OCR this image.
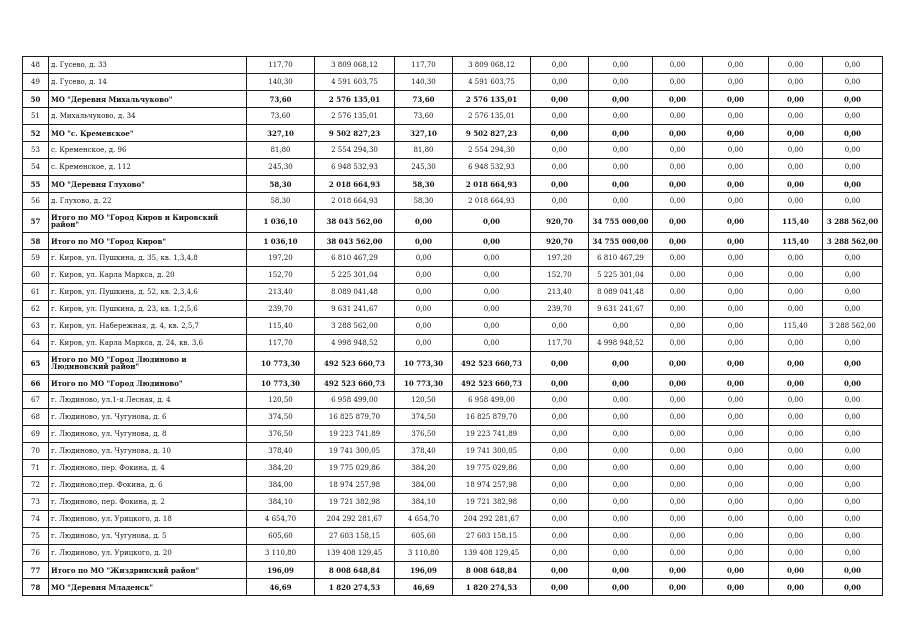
48	д. Гусево, д. 33	117,70	3 809 068,12	117,70	3 809 068,12	0,00	0,00	0,00	0,00	0,00	0,00
49	д. Гусево, д. 14	140,30	4 591 603,75	140,30	4 591 603,75	0,00	0,00	0,00	0,00	0,00	0,00
50	МО "Деревня Михальчуково"	73,60	2 576 135,01	73,60	2 576 135,01	0,00	0,00	0,00	0,00	0,00	0,00
51	д. Михальчуково, д. 34	73,60	2 576 135,01	73,60	2 576 135,01	0,00	0,00	0,00	0,00	0,00	0,00
52	МО "с. Кременское"	327,10	9 502 827,23	327,10	9 502 827,23	0,00	0,00	0,00	0,00	0,00	0,00
53	с. Кременское, д. 96	81,80	2 554 294,30	81,80	2 554 294,30	0,00	0,00	0,00	0,00	0,00	0,00
54	с. Кременское, д. 112	245,30	6 948 532,93	245,30	6 948 532,93	0,00	0,00	0,00	0,00	0,00	0,00
55	МО "Деревня Глухово"	58,30	2 018 664,93	58,30	2 018 664,93	0,00	0,00	0,00	0,00	0,00	0,00
56	д. Глухово, д. 22	58,30	2 018 664,93	58,30	2 018 664,93	0,00	0,00	0,00	0,00	0,00	0,00
57	Итого по МО "Город Киров и Кировский район"	1 036,10	38 043 562,00	0,00	0,00	920,70	34 755 000,00	0,00	0,00	115,40	3 288 562,00
58	Итого по МО "Город Киров"	1 036,10	38 043 562,00	0,00	0,00	920,70	34 755 000,00	0,00	0,00	115,40	3 288 562,00
59	г. Киров, ул. Пушкина, д. 35, кв. 1,3,4,8	197,20	6 810 467,29	0,00	0,00	197,20	6 810 467,29	0,00	0,00	0,00	0,00
60	г. Киров, ул. Карла Маркса, д. 20	152,70	5 225 301,04	0,00	0,00	152,70	5 225 301,04	0,00	0,00	0,00	0,00
61	г. Киров, ул. Пушкина, д. 52, кв. 2,3,4,6	213,40	8 089 041,48	0,00	0,00	213,40	8 089 041,48	0,00	0,00	0,00	0,00
62	г. Киров, ул. Пушкина, д. 23, кв. 1,2,5,6	239,70	9 631 241,67	0,00	0,00	239,70	9 631 241,67	0,00	0,00	0,00	0,00
63	г. Киров, ул. Набережная, д. 4, кв. 2,5,7	115,40	3 288 562,00	0,00	0,00	0,00	0,00	0,00	0,00	115,40	3 288 562,00
64	г. Киров, ул. Карла Маркса, д. 24, кв. 3,6	117,70	4 998 948,52	0,00	0,00	117,70	4 998 948,52	0,00	0,00	0,00	0,00
65	Итого по МО "Город Людиново и Людиновский район"	10 773,30	492 523 660,73	10 773,30	492 523 660,73	0,00	0,00	0,00	0,00	0,00	0,00
66	Итого по МО "Город Людиново"	10 773,30	492 523 660,73	10 773,30	492 523 660,73	0,00	0,00	0,00	0,00	0,00	0,00
67	г. Людиново, ул.1-я Лесная, д. 4	120,50	6 958 499,00	120,50	6 958 499,00	0,00	0,00	0,00	0,00	0,00	0,00
68	г. Людиново, ул. Чугунова, д. 6	374,50	16 825 879,70	374,50	16 825 879,70	0,00	0,00	0,00	0,00	0,00	0,00
69	г. Людиново, ул. Чугунова, д. 8	376,50	19 223 741,89	376,50	19 223 741,89	0,00	0,00	0,00	0,00	0,00	0,00
70	г. Людиново, ул. Чугунова, д. 10	378,40	19 741 300,05	378,40	19 741 300,05	0,00	0,00	0,00	0,00	0,00	0,00
71	г. Людиново, пер. Фокина, д. 4	384,20	19 775 029,86	384,20	19 775 029,86	0,00	0,00	0,00	0,00	0,00	0,00
72	г. Людиново,пер. Фокина, д. 6	384,00	18 974 257,98	384,00	18 974 257,98	0,00	0,00	0,00	0,00	0,00	0,00
73	г. Людиново, пер. Фокина, д. 2	384,10	19 721 382,98	384,10	19 721 382,98	0,00	0,00	0,00	0,00	0,00	0,00
74	г. Людиново, ул. Урицкого, д. 18	4 654,70	204 292 281,67	4 654,70	204 292 281,67	0,00	0,00	0,00	0,00	0,00	0,00
75	г. Людиново, ул. Чугунова, д. 5	605,60	27 603 158,15	605,60	27 603 158,15	0,00	0,00	0,00	0,00	0,00	0,00
76	г. Людиново, ул. Урицкого, д. 20	3 110,80	139 408 129,45	3 110,80	139 408 129,45	0,00	0,00	0,00	0,00	0,00	0,00
77	Итого по МО "Жиздринский район"	196,09	8 008 648,84	196,09	8 008 648,84	0,00	0,00	0,00	0,00	0,00	0,00
78	МО "Деревня Младенск"	46,69	1 820 274,53	46,69	1 820 274,53	0,00	0,00	0,00	0,00	0,00	0,00
